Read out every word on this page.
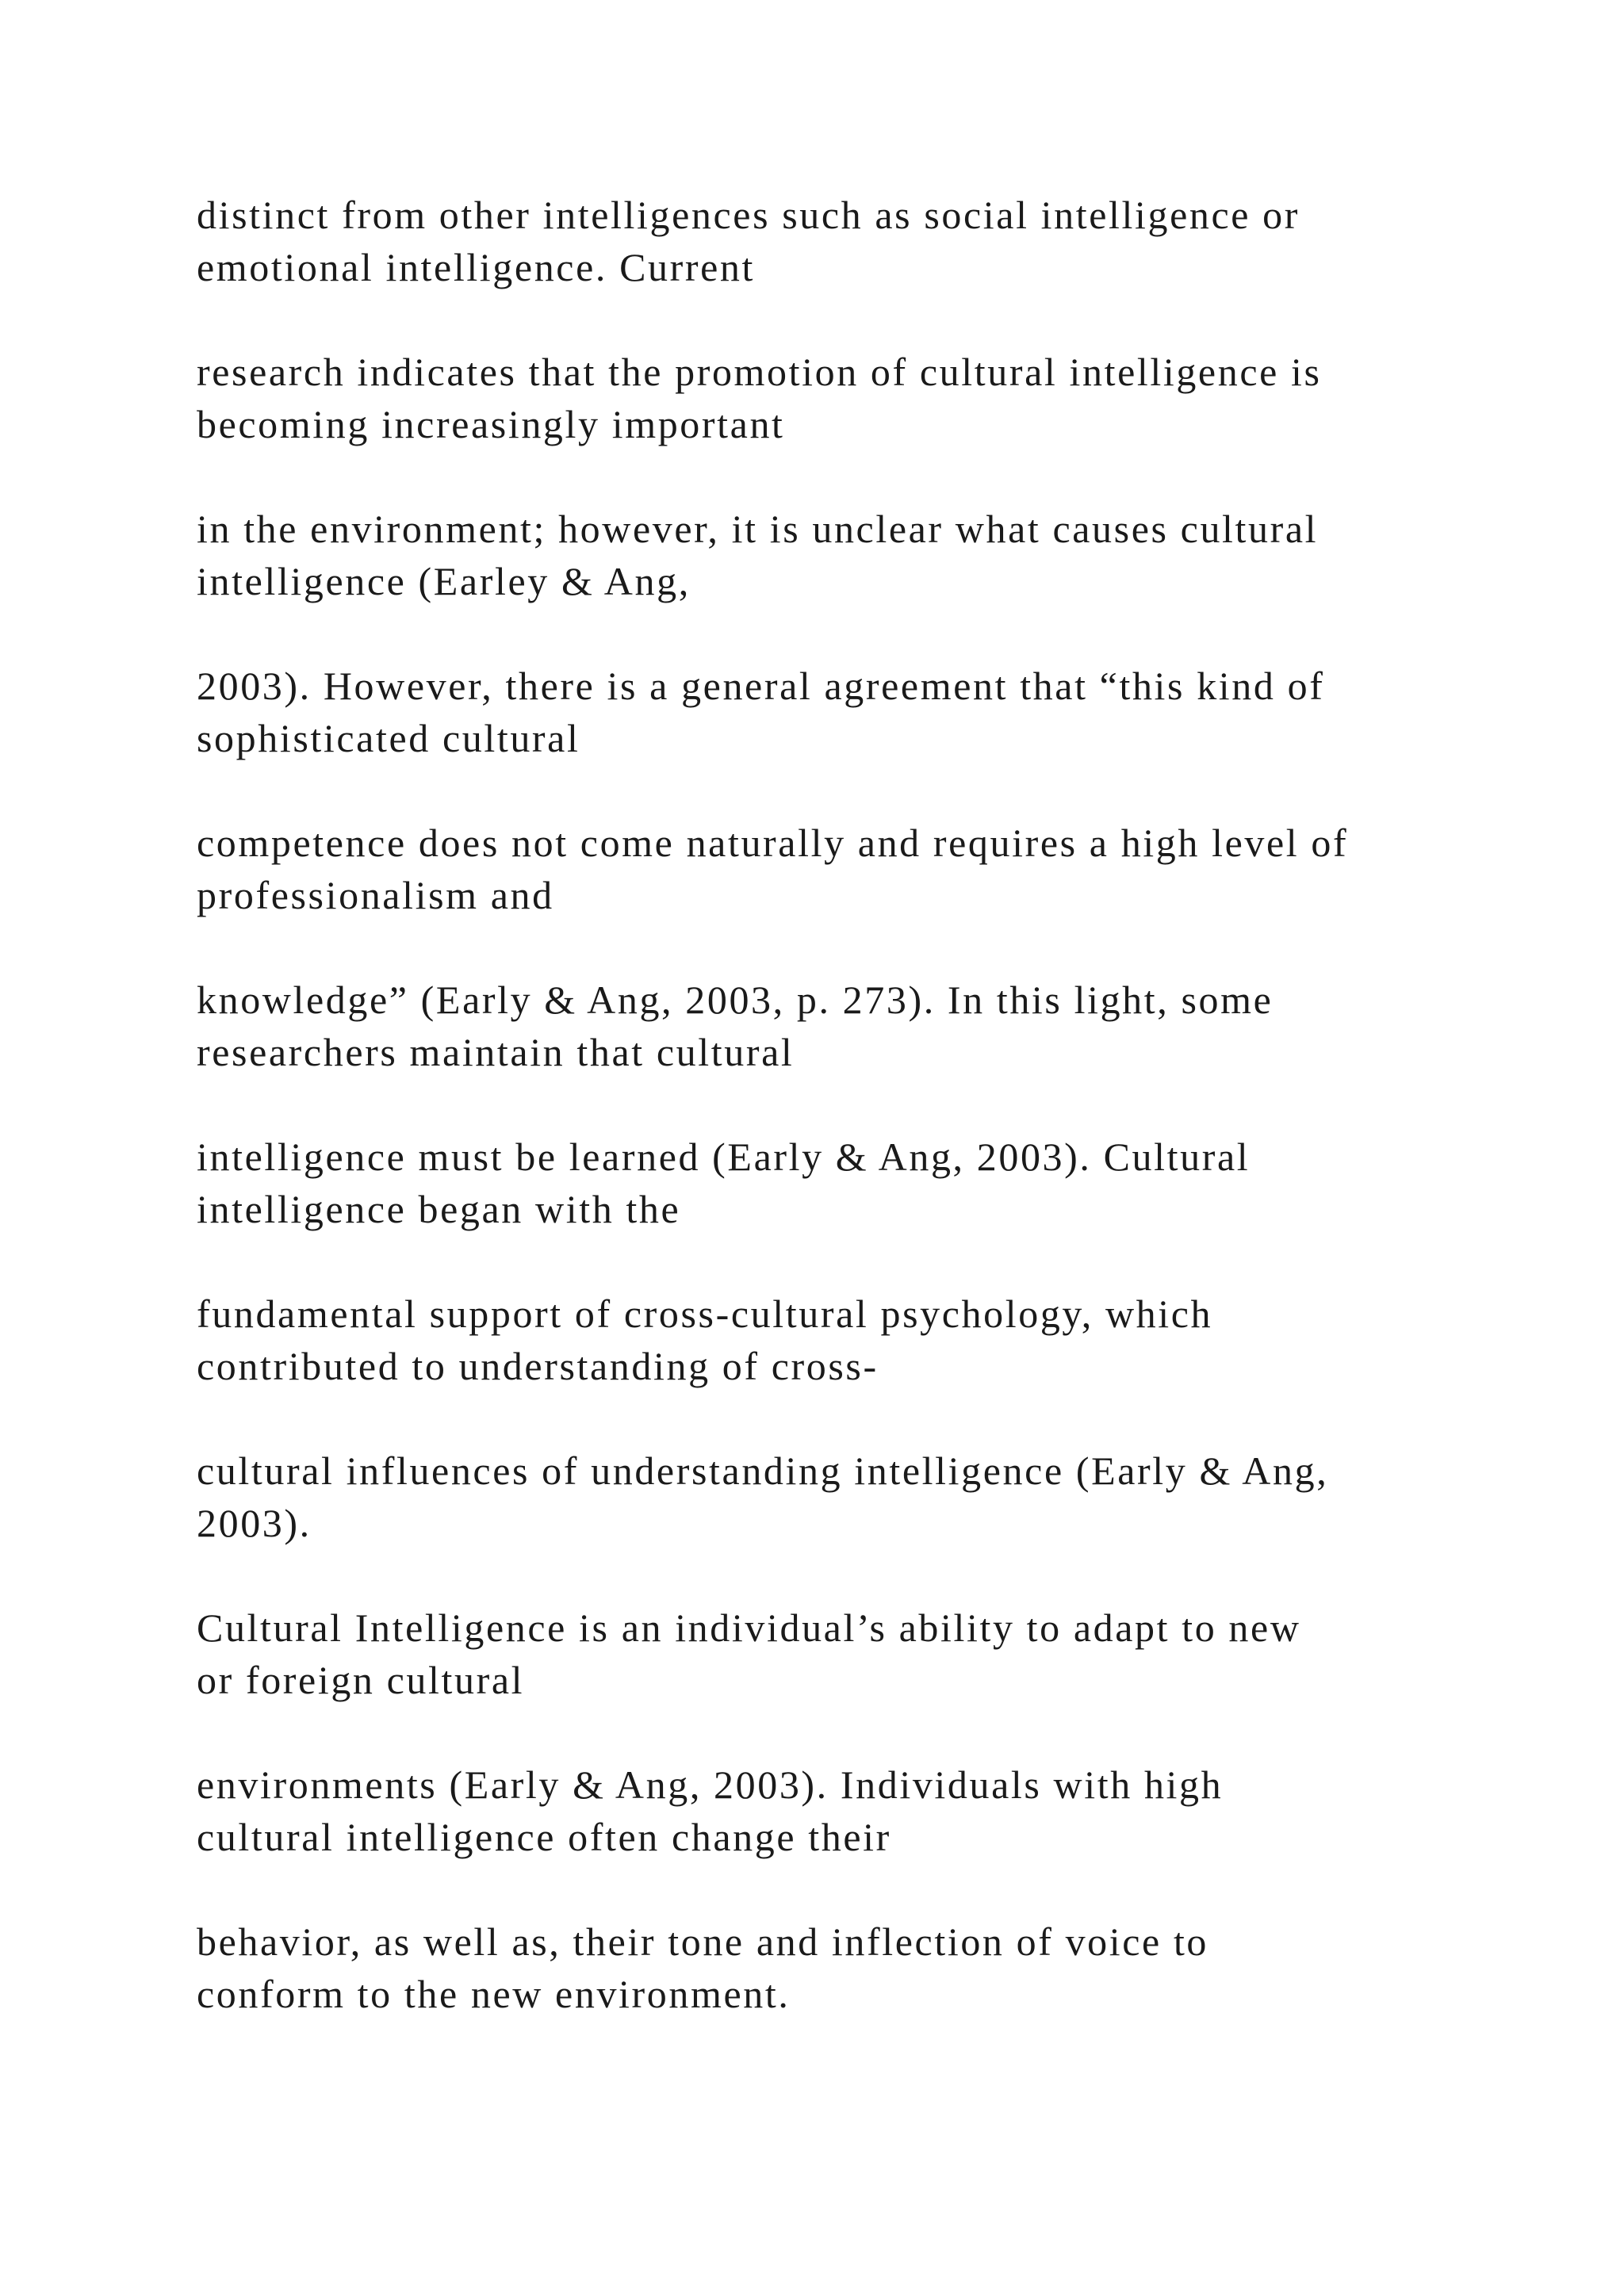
distinct from other intelligences such as social intelligence or
emotional intelligence. Current

research indicates that the promotion of cultural intelligence is
becoming increasingly important

in the environment; however, it is unclear what causes cultural
intelligence (Earley & Ang,

2003). However, there is a general agreement that “this kind of
sophisticated cultural

competence does not come naturally and requires a high level of
professionalism and

knowledge” (Early & Ang, 2003, p. 273). In this light, some
researchers maintain that cultural

intelligence must be learned (Early & Ang, 2003). Cultural
intelligence began with the

fundamental support of cross-cultural psychology, which
contributed to understanding of cross-

cultural influences of understanding intelligence (Early & Ang,
2003).

Cultural Intelligence is an individual’s ability to adapt to new
or foreign cultural

environments (Early & Ang, 2003). Individuals with high
cultural intelligence often change their

behavior, as well as, their tone and inflection of voice to
conform to the new environment.
